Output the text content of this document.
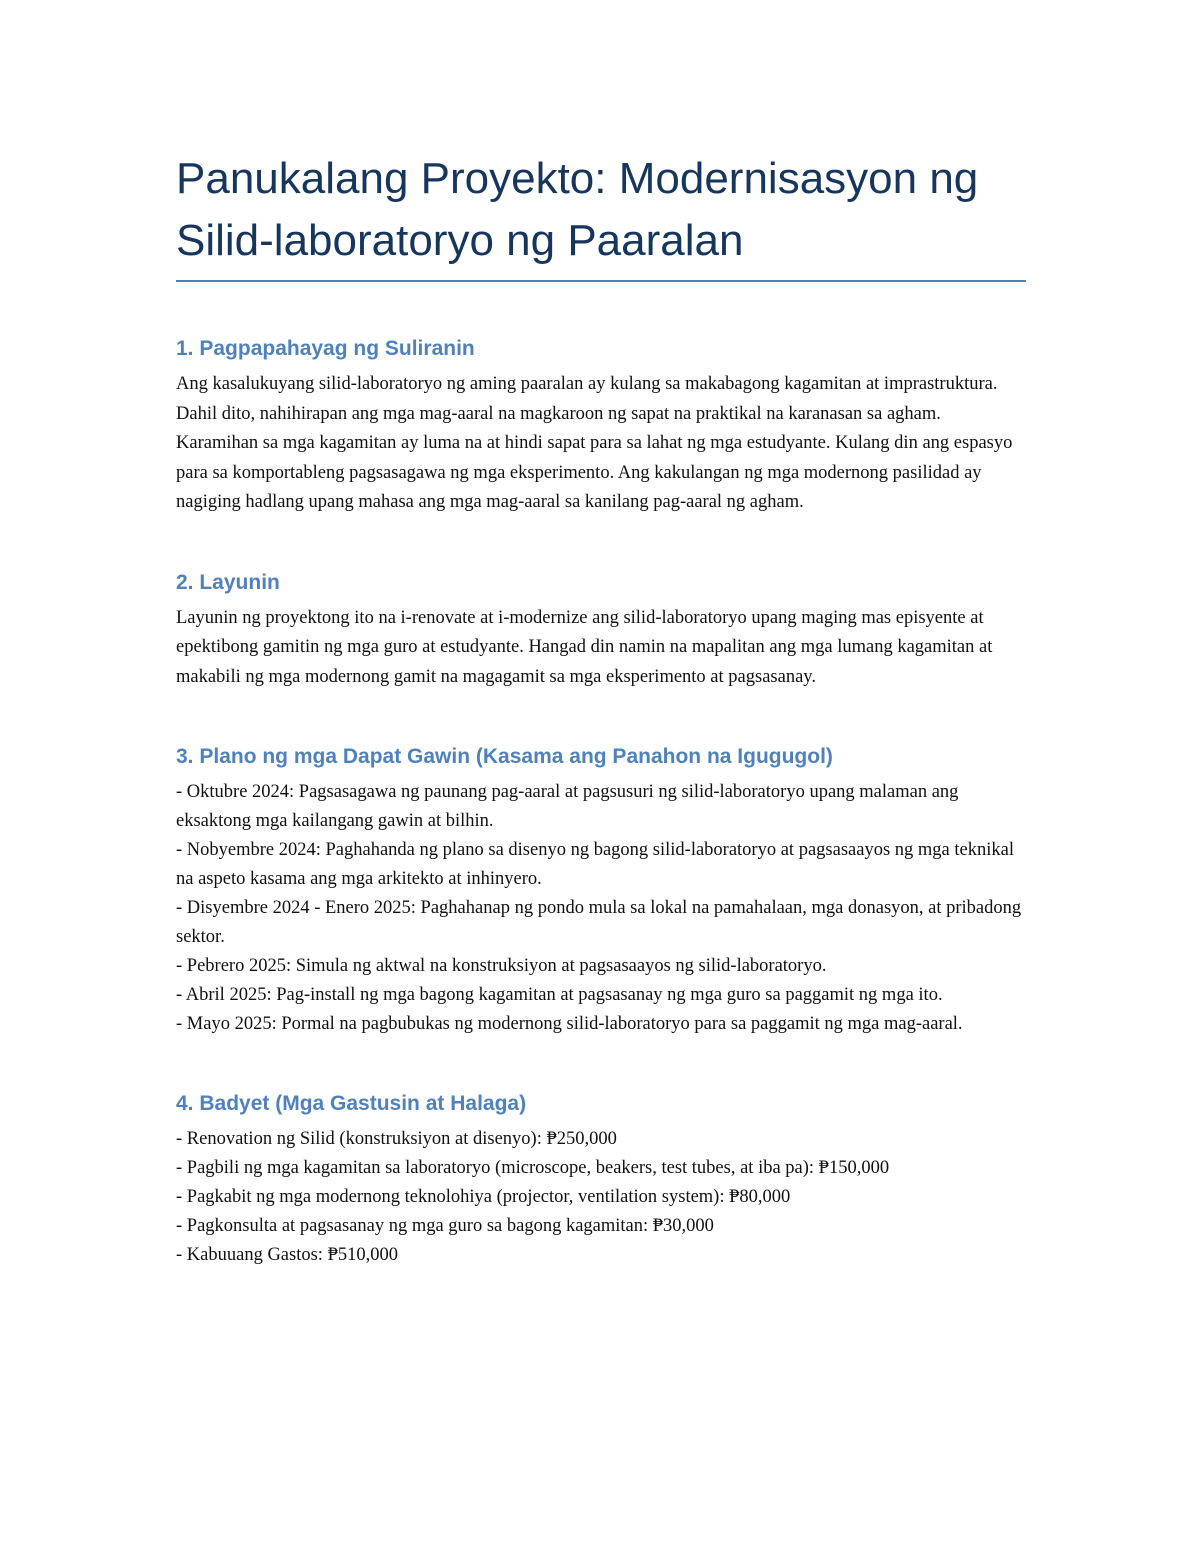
Panukalang Proyekto: Modernisasyon ng Silid-laboratoryo ng Paaralan
1. Pagpapahayag ng Suliranin

Ang kasalukuyang silid-laboratoryo ng aming paaralan ay kulang sa makabagong kagamitan at imprastruktura. Dahil dito, nahihirapan ang mga mag-aaral na magkaroon ng sapat na praktikal na karanasan sa agham. Karamihan sa mga kagamitan ay luma na at hindi sapat para sa lahat ng mga estudyante. Kulang din ang espasyo para sa komportableng pagsasagawa ng mga eksperimento. Ang kakulangan ng mga modernong pasilidad ay nagiging hadlang upang mahasa ang mga mag-aaral sa kanilang pag-aaral ng agham.

2. Layunin

Layunin ng proyektong ito na i-renovate at i-modernize ang silid-laboratoryo upang maging mas episyente at epektibong gamitin ng mga guro at estudyante. Hangad din namin na mapalitan ang mga lumang kagamitan at makabili ng mga modernong gamit na magagamit sa mga eksperimento at pagsasanay.

3. Plano ng mga Dapat Gawin (Kasama ang Panahon na Igugugol)
- Oktubre 2024: Pagsasagawa ng paunang pag-aaral at pagsusuri ng silid-laboratoryo upang malaman ang eksaktong mga kailangang gawin at bilhin.
- Nobyembre 2024: Paghahanda ng plano sa disenyo ng bagong silid-laboratoryo at pagsasaayos ng mga teknikal na aspeto kasama ang mga arkitekto at inhinyero.
- Disyembre 2024 - Enero 2025: Paghahanap ng pondo mula sa lokal na pamahalaan, mga donasyon, at pribadong sektor.
- Pebrero 2025: Simula ng aktwal na konstruksiyon at pagsasaayos ng silid-laboratoryo.
- Abril 2025: Pag-install ng mga bagong kagamitan at pagsasanay ng mga guro sa paggamit ng mga ito.
- Mayo 2025: Pormal na pagbubukas ng modernong silid-laboratoryo para sa paggamit ng mga mag-aaral.
4. Badyet (Mga Gastusin at Halaga)
- Renovation ng Silid (konstruksiyon at disenyo): ₱250,000
- Pagbili ng mga kagamitan sa laboratoryo (microscope, beakers, test tubes, at iba pa): ₱150,000
- Pagkabit ng mga modernong teknolohiya (projector, ventilation system): ₱80,000
- Pagkonsulta at pagsasanay ng mga guro sa bagong kagamitan: ₱30,000
- Kabuuang Gastos: ₱510,000
